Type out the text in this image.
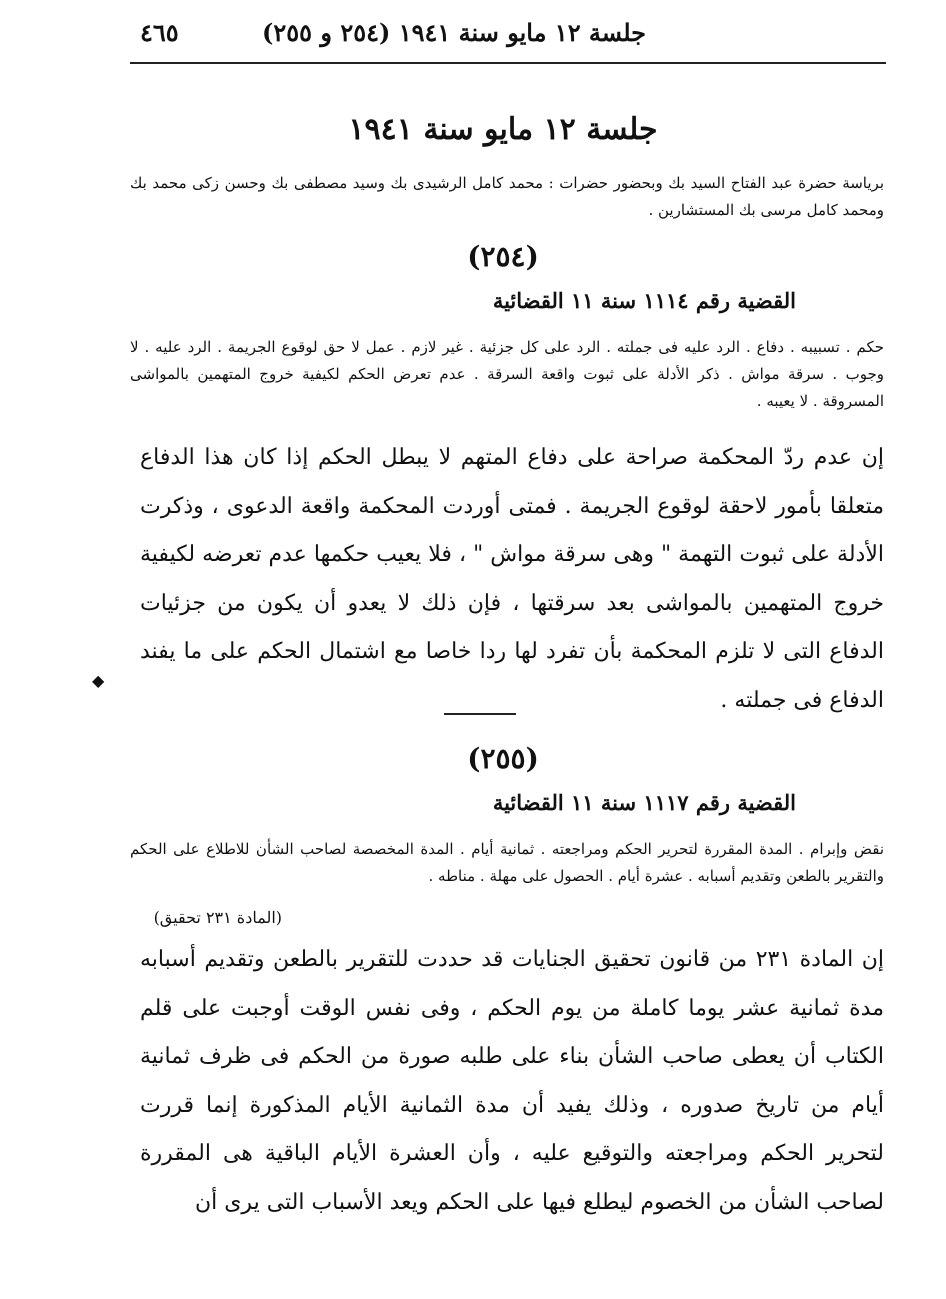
جلسة ١٢ مايو سنة ١٩٤١ (٢٥٤ و ٢٥٥)
٤٦٥
جلسة ١٢ مايو سنة ١٩٤١
برياسة حضرة عبد الفتاح السيد بك وبحضور حضرات : محمد كامل الرشيدى بك وسيد مصطفى بك وحسن زكى محمد بك ومحمد كامل مرسى بك المستشارين .
(٢٥٤)
القضية رقم ١١١٤ سنة ١١ القضائية
حكم . تسبيبه . دفاع . الرد عليه فى جملته . الرد على كل جزئية . غير لازم . عمل لا حق لوقوع الجريمة . الرد عليه . لا وجوب . سرقة مواش . ذكر الأدلة على ثبوت واقعة السرقة . عدم تعرض الحكم لكيفية خروج المتهمين بالمواشى المسروقة . لا يعيبه .
إن عدم ردّ المحكمة صراحة على دفاع المتهم لا يبطل الحكم إذا كان هذا الدفاع متعلقا بأمور لاحقة لوقوع الجريمة . فمتى أوردت المحكمة واقعة الدعوى ، وذكرت الأدلة على ثبوت التهمة " وهى سرقة مواش " ، فلا يعيب حكمها عدم تعرضه لكيفية خروج المتهمين بالمواشى بعد سرقتها ، فإن ذلك لا يعدو أن يكون من جزئيات الدفاع التى لا تلزم المحكمة بأن تفرد لها ردا خاصا مع اشتمال الحكم على ما يفند الدفاع فى جملته .
◆
(٢٥٥)
القضية رقم ١١١٧ سنة ١١ القضائية
نقض وإبرام . المدة المقررة لتحرير الحكم ومراجعته . ثمانية أيام . المدة المخصصة لصاحب الشأن للاطلاع على الحكم والتقرير بالطعن وتقديم أسبابه . عشرة أيام . الحصول على مهلة . مناطه .
(المادة ٢٣١ تحقيق)
إن المادة ٢٣١ من قانون تحقيق الجنايات قد حددت للتقرير بالطعن وتقديم أسبابه مدة ثمانية عشر يوما كاملة من يوم الحكم ، وفى نفس الوقت أوجبت على قلم الكتاب أن يعطى صاحب الشأن بناء على طلبه صورة من الحكم فى ظرف ثمانية أيام من تاريخ صدوره ، وذلك يفيد أن مدة الثمانية الأيام المذكورة إنما قررت لتحرير الحكم ومراجعته والتوقيع عليه ، وأن العشرة الأيام الباقية هى المقررة لصاحب الشأن من الخصوم ليطلع فيها على الحكم ويعد الأسباب التى يرى أن
